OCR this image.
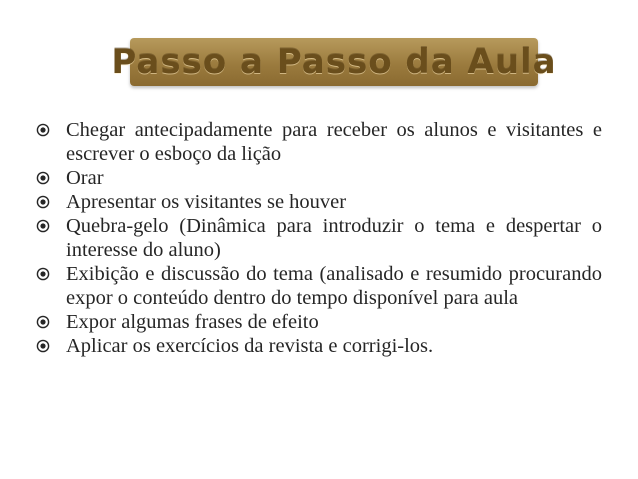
Passo a Passo da Aula
Chegar antecipadamente para receber os alunos e visitantes e escrever o esboço da lição
Orar
Apresentar os visitantes se houver
Quebra-gelo (Dinâmica para introduzir o tema e despertar o interesse do aluno)
Exibição e discussão do tema (analisado e resumido procurando expor o conteúdo dentro do tempo disponível para aula
Expor algumas frases de efeito
Aplicar os exercícios da revista e corrigi-los.
